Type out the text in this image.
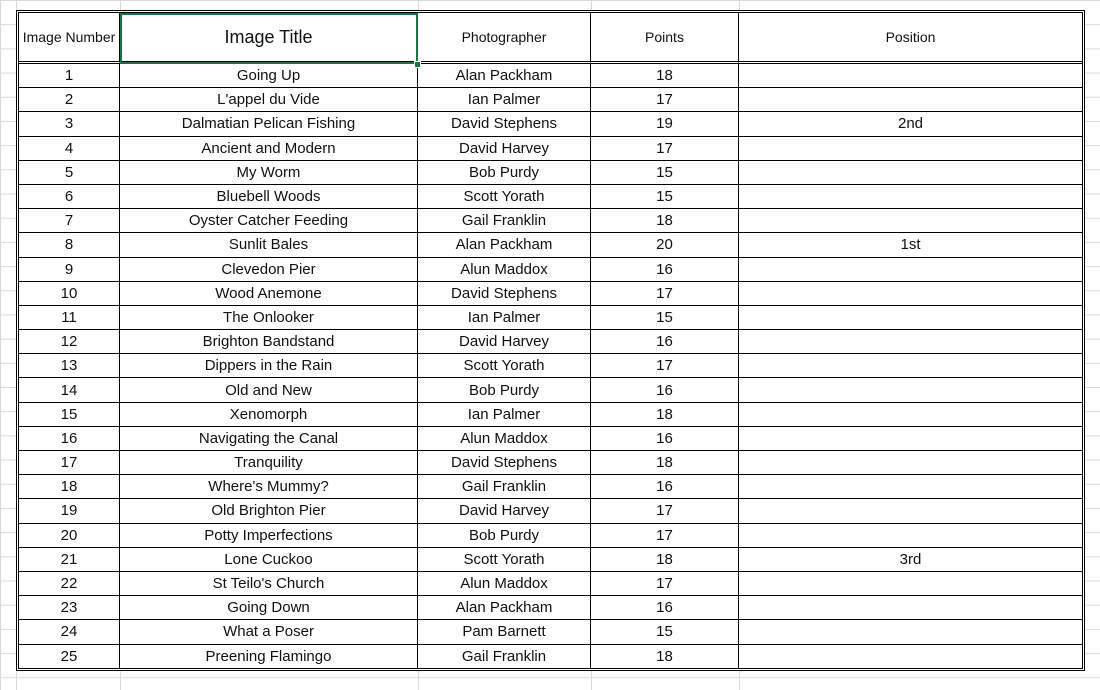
Image Number	Image Title	Photographer	Points	Position
1	Going Up	Alan Packham	18	
2	L'appel du Vide	Ian Palmer	17	
3	Dalmatian Pelican Fishing	David Stephens	19	2nd
4	Ancient and Modern	David Harvey	17	
5	My Worm	Bob Purdy	15	
6	Bluebell Woods	Scott Yorath	15	
7	Oyster Catcher Feeding	Gail Franklin	18	
8	Sunlit Bales	Alan Packham	20	1st
9	Clevedon Pier	Alun Maddox	16	
10	Wood Anemone	David Stephens	17	
11	The Onlooker	Ian Palmer	15	
12	Brighton Bandstand	David Harvey	16	
13	Dippers in the Rain	Scott Yorath	17	
14	Old and New	Bob Purdy	16	
15	Xenomorph	Ian Palmer	18	
16	Navigating the Canal	Alun Maddox	16	
17	Tranquility	David Stephens	18	
18	Where's Mummy?	Gail Franklin	16	
19	Old Brighton Pier	David Harvey	17	
20	Potty Imperfections	Bob Purdy	17	
21	Lone Cuckoo	Scott Yorath	18	3rd
22	St Teilo's Church	Alun Maddox	17	
23	Going Down	Alan Packham	16	
24	What a Poser	Pam Barnett	15	
25	Preening Flamingo	Gail Franklin	18	
